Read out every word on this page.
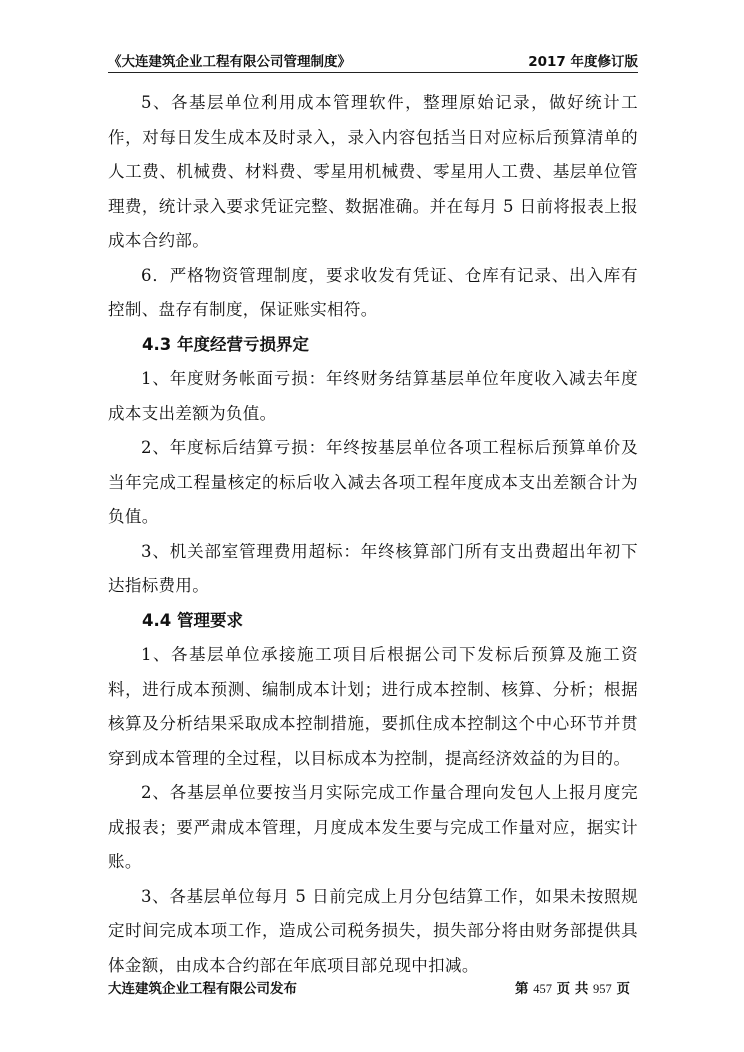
《大连建筑企业工程有限公司管理制度》	2017 年度修订版

5、各基层单位利用成本管理软件，整理原始记录，做好统计工作，对每日发生成本及时录入，录入内容包括当日对应标后预算清单的人工费、机械费、材料费、零星用机械费、零星用人工费、基层单位管理费，统计录入要求凭证完整、数据准确。并在每月 5 日前将报表上报成本合约部。

6．严格物资管理制度，要求收发有凭证、仓库有记录、出入库有控制、盘存有制度，保证账实相符。

4.3 年度经营亏损界定

1、年度财务帐面亏损：年终财务结算基层单位年度收入减去年度成本支出差额为负值。

2、年度标后结算亏损：年终按基层单位各项工程标后预算单价及当年完成工程量核定的标后收入减去各项工程年度成本支出差额合计为负值。

3、机关部室管理费用超标：年终核算部门所有支出费超出年初下达指标费用。

4.4 管理要求

1、各基层单位承接施工项目后根据公司下发标后预算及施工资料，进行成本预测、编制成本计划；进行成本控制、核算、分析；根据核算及分析结果采取成本控制措施，要抓住成本控制这个中心环节并贯穿到成本管理的全过程，以目标成本为控制，提高经济效益的为目的。

2、各基层单位要按当月实际完成工作量合理向发包人上报月度完成报表；要严肃成本管理，月度成本发生要与完成工作量对应，据实计账。

3、各基层单位每月 5 日前完成上月分包结算工作，如果未按照规定时间完成本项工作，造成公司税务损失，损失部分将由财务部提供具体金额，由成本合约部在年底项目部兑现中扣减。

大连建筑企业工程有限公司发布	第 457 页 共 957 页
